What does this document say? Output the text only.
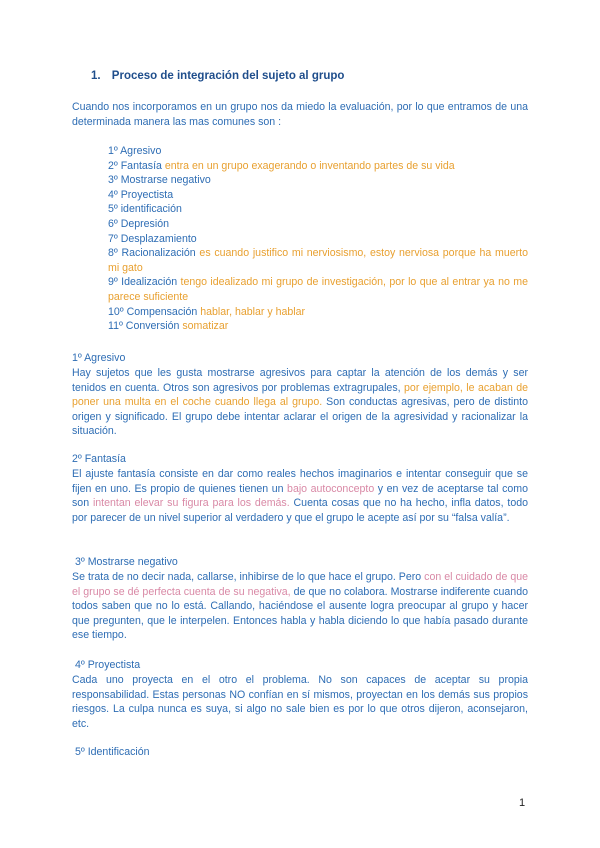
1. Proceso de integración del sujeto al grupo
Cuando nos incorporamos en un grupo nos da miedo la evaluación, por lo que entramos de una determinada manera las mas comunes son :
1º Agresivo
2º Fantasía entra en un grupo exagerando o inventando partes de su vida
3º Mostrarse negativo
4º Proyectista
5º identificación
6º Depresión
7º Desplazamiento
8º Racionalización es cuando justifico mi nerviosismo, estoy nerviosa porque ha muerto mi gato
9º Idealización tengo idealizado mi grupo de investigación, por lo que al entrar ya no me parece suficiente
10º Compensación hablar, hablar y hablar
11º Conversión somatizar
1º Agresivo
Hay sujetos que les gusta mostrarse agresivos para captar la atención de los demás y ser tenidos en cuenta. Otros son agresivos por problemas extragrupales, por ejemplo, le acaban de poner una multa en el coche cuando llega al grupo. Son conductas agresivas, pero de distinto origen y significado. El grupo debe intentar aclarar el origen de la agresividad y racionalizar la situación.
2º Fantasía
El ajuste fantasía consiste en dar como reales hechos imaginarios e intentar conseguir que se fijen en uno. Es propio de quienes tienen un bajo autoconcepto y en vez de aceptarse tal como son intentan elevar su figura para los demás. Cuenta cosas que no ha hecho, infla datos, todo por parecer de un nivel superior al verdadero y que el grupo le acepte así por su “falsa valía”.
3º Mostrarse negativo
Se trata de no decir nada, callarse, inhibirse de lo que hace el grupo. Pero con el cuidado de que el grupo se dé perfecta cuenta de su negativa, de que no colabora. Mostrarse indiferente cuando todos saben que no lo está. Callando, haciéndose el ausente logra preocupar al grupo y hacer que pregunten, que le interpelen. Entonces habla y habla diciendo lo que había pasado durante ese tiempo.
4º Proyectista
Cada uno proyecta en el otro el problema. No son capaces de aceptar su propia responsabilidad. Estas personas NO confían en sí mismos, proyectan en los demás sus propios riesgos. La culpa nunca es suya, si algo no sale bien es por lo que otros dijeron, aconsejaron, etc.
5º Identificación
1
